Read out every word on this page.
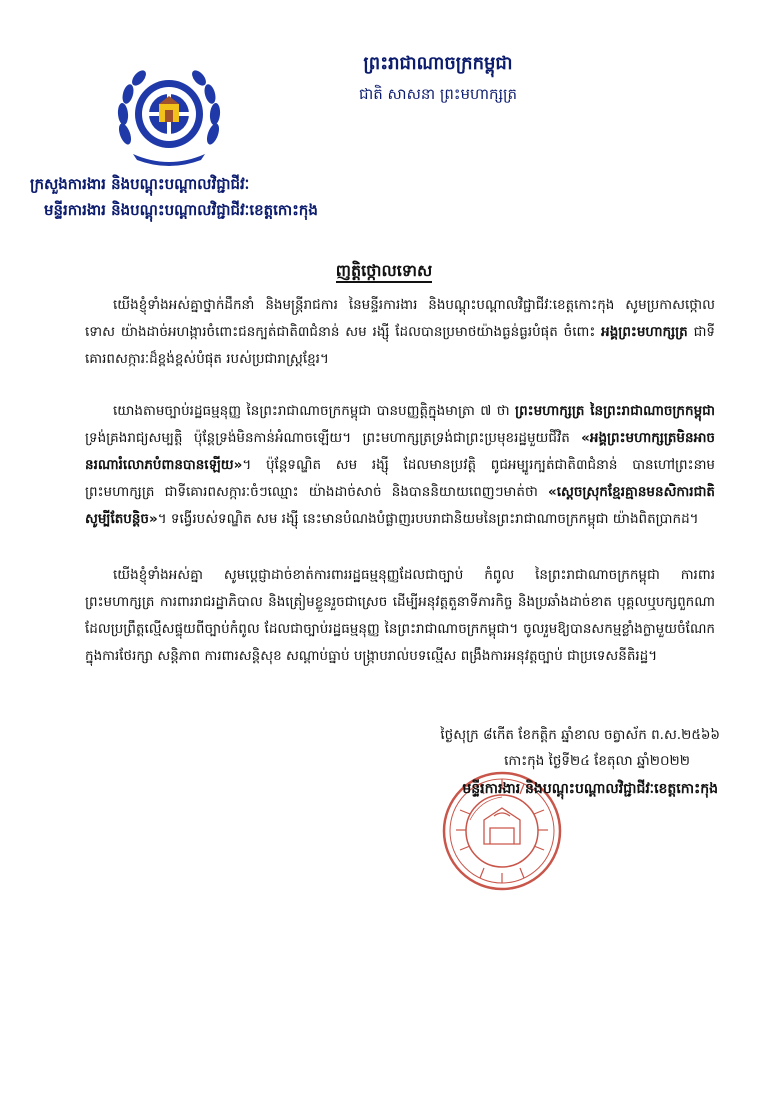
ព្រះរាជាណាចក្រកម្ពុជា
ជាតិ សាសនា ព្រះមហាក្សត្រ
ក្រសួងការងារ និងបណ្ដុះបណ្ដាលវិជ្ជាជីវៈ
មន្ទីរការងារ និងបណ្ដុះបណ្ដាលវិជ្ជាជីវៈខេត្តកោះកុង
ញត្តិថ្កោលទោស
យើងខ្ញុំទាំងអស់គ្នាថ្នាក់ដឹកនាំ និងមន្ត្រីរាជការ នៃមន្ទីរការងារ និងបណ្ដុះបណ្ដាលវិជ្ជាជីវៈខេត្តកោះកុង សូមប្រកាសថ្កោលទោស យ៉ាងដាច់អហង្ការចំពោះជនក្បត់ជាតិ៣ជំនាន់ សម រង្ស៊ី ដែលបានប្រមាថយ៉ាងធ្ងន់ធ្ងរបំផុត ចំពោះ អង្គព្រះមហាក្សត្រ ជាទីគោរពសក្ការៈដ៏ខ្ពង់ខ្ពស់បំផុត របស់ប្រជារាស្ត្រខ្មែរ។
យោងតាមច្បាប់រដ្ឋធម្មនុញ្ញ នៃព្រះរាជាណាចក្រកម្ពុជា បានបញ្ញត្តិក្នុងមាត្រា ៧ ថា ព្រះមហាក្សត្រ នៃព្រះរាជាណាចក្រកម្ពុជា ទ្រង់គ្រងរាជ្យសម្បត្តិ ប៉ុន្តែទ្រង់មិនកាន់អំណាចឡើយ។ ព្រះមហាក្សត្រទ្រង់ជាព្រះប្រមុខរដ្ឋមួយជីវិត «អង្គព្រះមហាក្សត្រមិនអាចនរណារំលោភបំពានបានឡើយ»។ ប៉ុន្តែទណ្ឌិត សម រង្ស៊ី ដែលមានប្រវត្តិ ពូជអម្បូរក្បត់ជាតិ៣ជំនាន់ បានហៅព្រះនាមព្រះមហាក្សត្រ ជាទីគោរពសក្ការៈចំៗឈ្មោះ យ៉ាងដាច់សាច់ និងបាននិយាយពេញៗមាត់ថា «ស្ដេចស្រុកខ្មែរគ្មានមនសិការជាតិ សូម្បីតែបន្តិច»។ ទង្វើរបស់ទណ្ឌិត សម រង្ស៊ី នេះមានបំណងបំផ្លាញរបបរាជានិយមនៃព្រះរាជាណាចក្រកម្ពុជា យ៉ាងពិតប្រាកដ។
យើងខ្ញុំទាំងអស់គ្នា សូមប្ដេជ្ញាដាច់ខាត់ការពាររដ្ឋធម្មនុញ្ញដែលជាច្បាប់ កំពូល នៃព្រះរាជាណាចក្រកម្ពុជា ការពារព្រះមហាក្សត្រ ការពាររាជរដ្ឋាភិបាល និងត្រៀមខ្លួនរួចជាស្រេច ដើម្បីអនុវត្តតួនាទីភារកិច្ច និងប្រឆាំងដាច់ខាត បុគ្គលឬបក្សពួកណាដែលប្រព្រឹត្តល្មើសផ្ទុយពីច្បាប់កំពូល ដែលជាច្បាប់រដ្ឋធម្មនុញ្ញ នៃព្រះរាជាណាចក្រកម្ពុជា។ ចូលរួមឱ្យបានសកម្មខ្លាំងក្លាមួយចំណែកក្នុងការថែរក្សា សន្តិភាព ការពារសន្តិសុខ សណ្ដាប់ធ្នាប់ បង្រ្កាបរាល់បទល្មើស ពង្រឹងការអនុវត្តច្បាប់ ជាប្រទេសនីតិរដ្ឋ។
ថ្ងៃសុក្រ ៨កើត ខែកត្ដិក ឆ្នាំខាល ចត្វាស័ក ព.ស.២៥៦៦
កោះកុង ថ្ងៃទី២៤ ខែតុលា ឆ្នាំ២០២២
មន្ទីរការងារ និងបណ្ដុះបណ្ដាលវិជ្ជាជីវៈខេត្តកោះកុង
